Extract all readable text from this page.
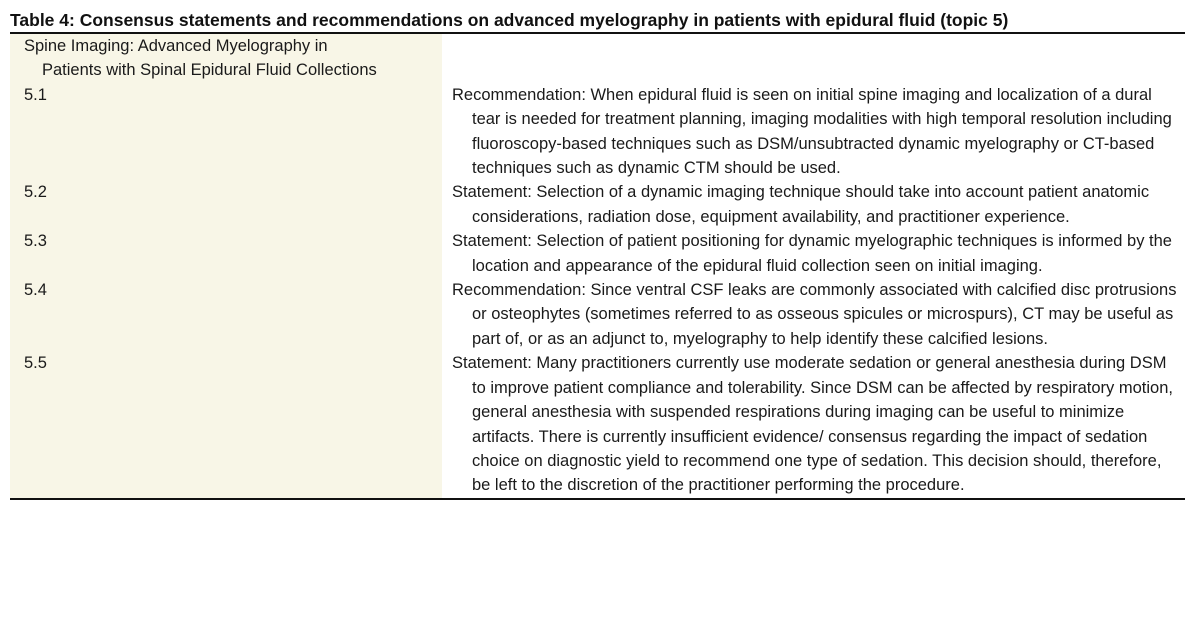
Table 4: Consensus statements and recommendations on advanced myelography in patients with epidural fluid (topic 5)
Spine Imaging: Advanced Myelography in
Patients with Spinal Epidural Fluid Collections
5.1	Recommendation: When epidural fluid is seen on initial spine imaging and localization of a dural tear is needed for treatment planning, imaging modalities with high temporal resolution including fluoroscopy-based techniques such as DSM/unsubtracted dynamic myelography or CT-based techniques such as dynamic CTM should be used.

5.2	Statement: Selection of a dynamic imaging technique should take into account patient anatomic considerations, radiation dose, equipment availability, and practitioner experience.

5.3	Statement: Selection of patient positioning for dynamic myelographic techniques is informed by the location and appearance of the epidural fluid collection seen on initial imaging.

5.4	Recommendation: Since ventral CSF leaks are commonly associated with calcified disc protrusions or osteophytes (sometimes referred to as osseous spicules or microspurs), CT may be useful as part of, or as an adjunct to, myelography to help identify these calcified lesions.

5.5	Statement: Many practitioners currently use moderate sedation or general anesthesia during DSM to improve patient compliance and tolerability. Since DSM can be affected by respiratory motion, general anesthesia with suspended respirations during imaging can be useful to minimize artifacts. There is currently insufficient evidence/ consensus regarding the impact of sedation choice on diagnostic yield to recommend one type of sedation. This decision should, therefore, be left to the discretion of the practitioner performing the procedure.
